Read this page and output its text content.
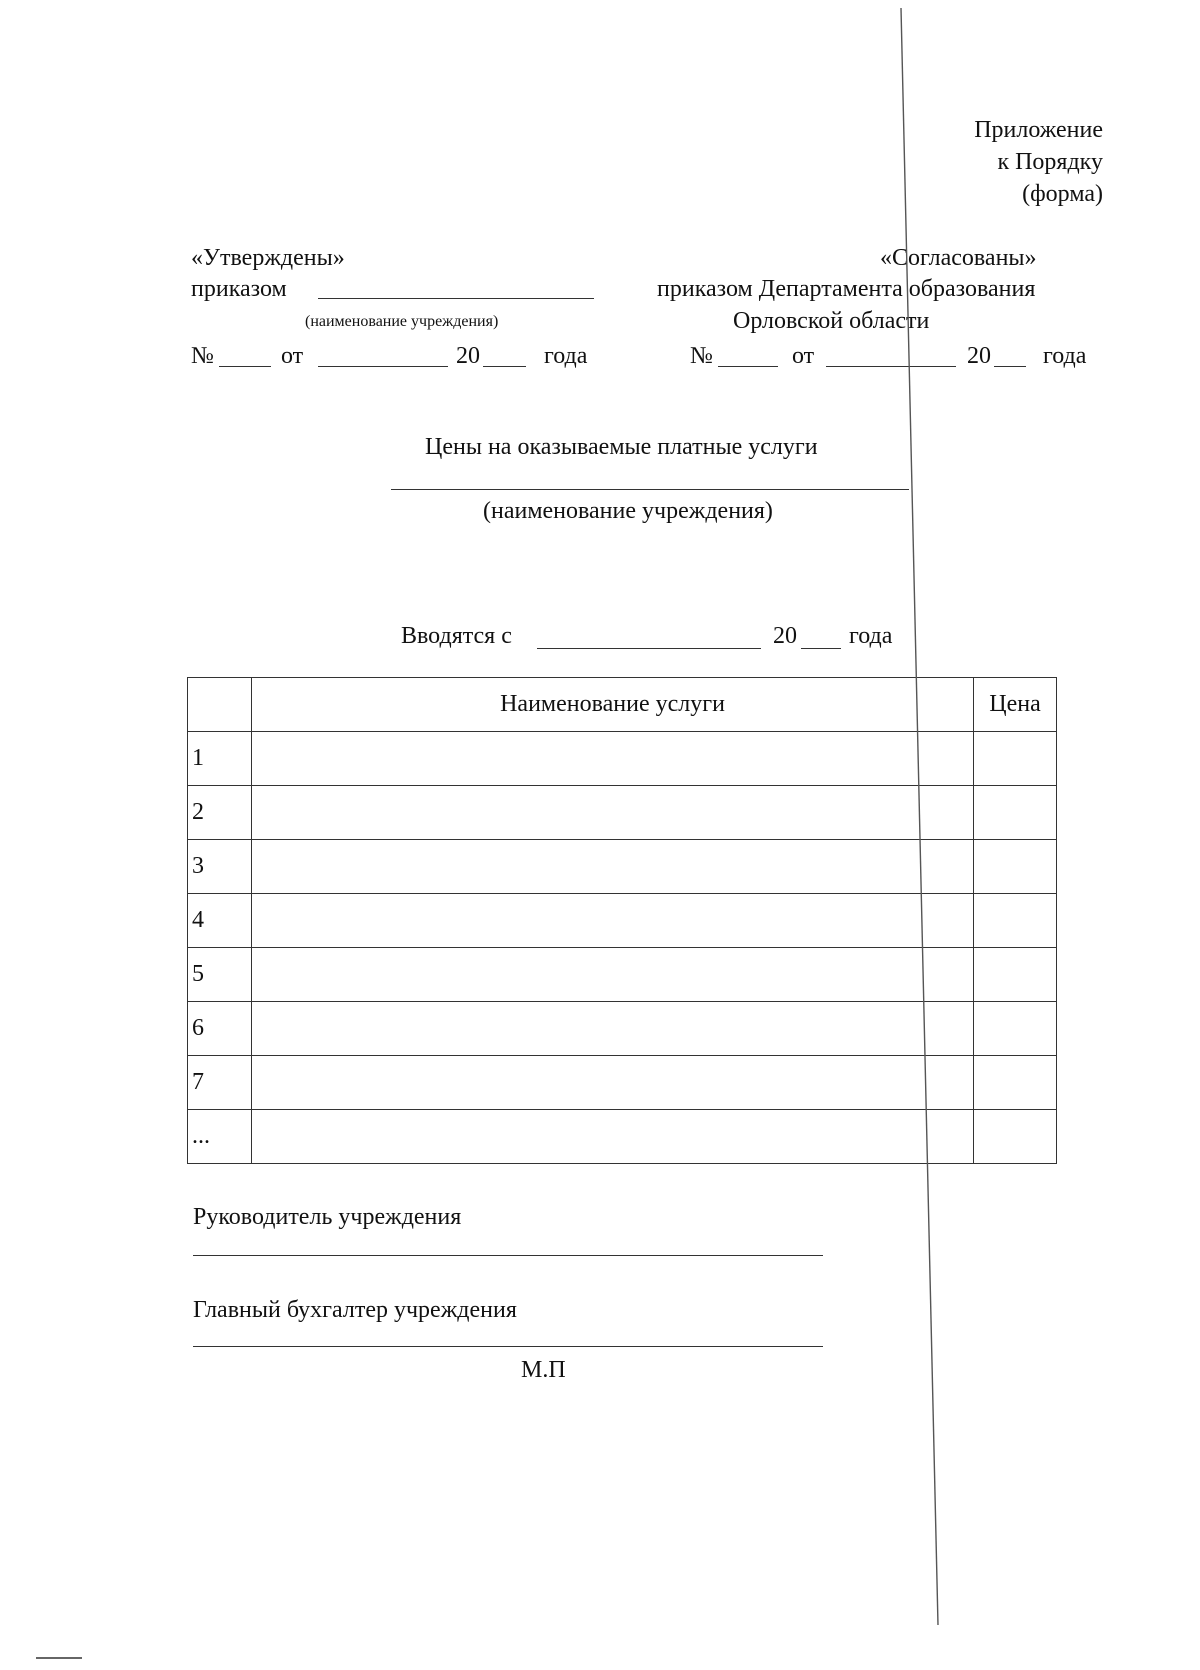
Приложение
к Порядку
(форма)
«Утверждены»
приказом
(наименование учреждения)
№	от	20	года
«Согласованы»
приказом Департамента образования
Орловской области
№	от	20 года
Цены на оказываемые платные услуги
(наименование учреждения)
Вводятся с	20 года
	Наименование услуги	Цена
1		
2		
3		
4		
5		
6		
7		
...		
Руководитель учреждения
Главный бухгалтер учреждения
М.П
